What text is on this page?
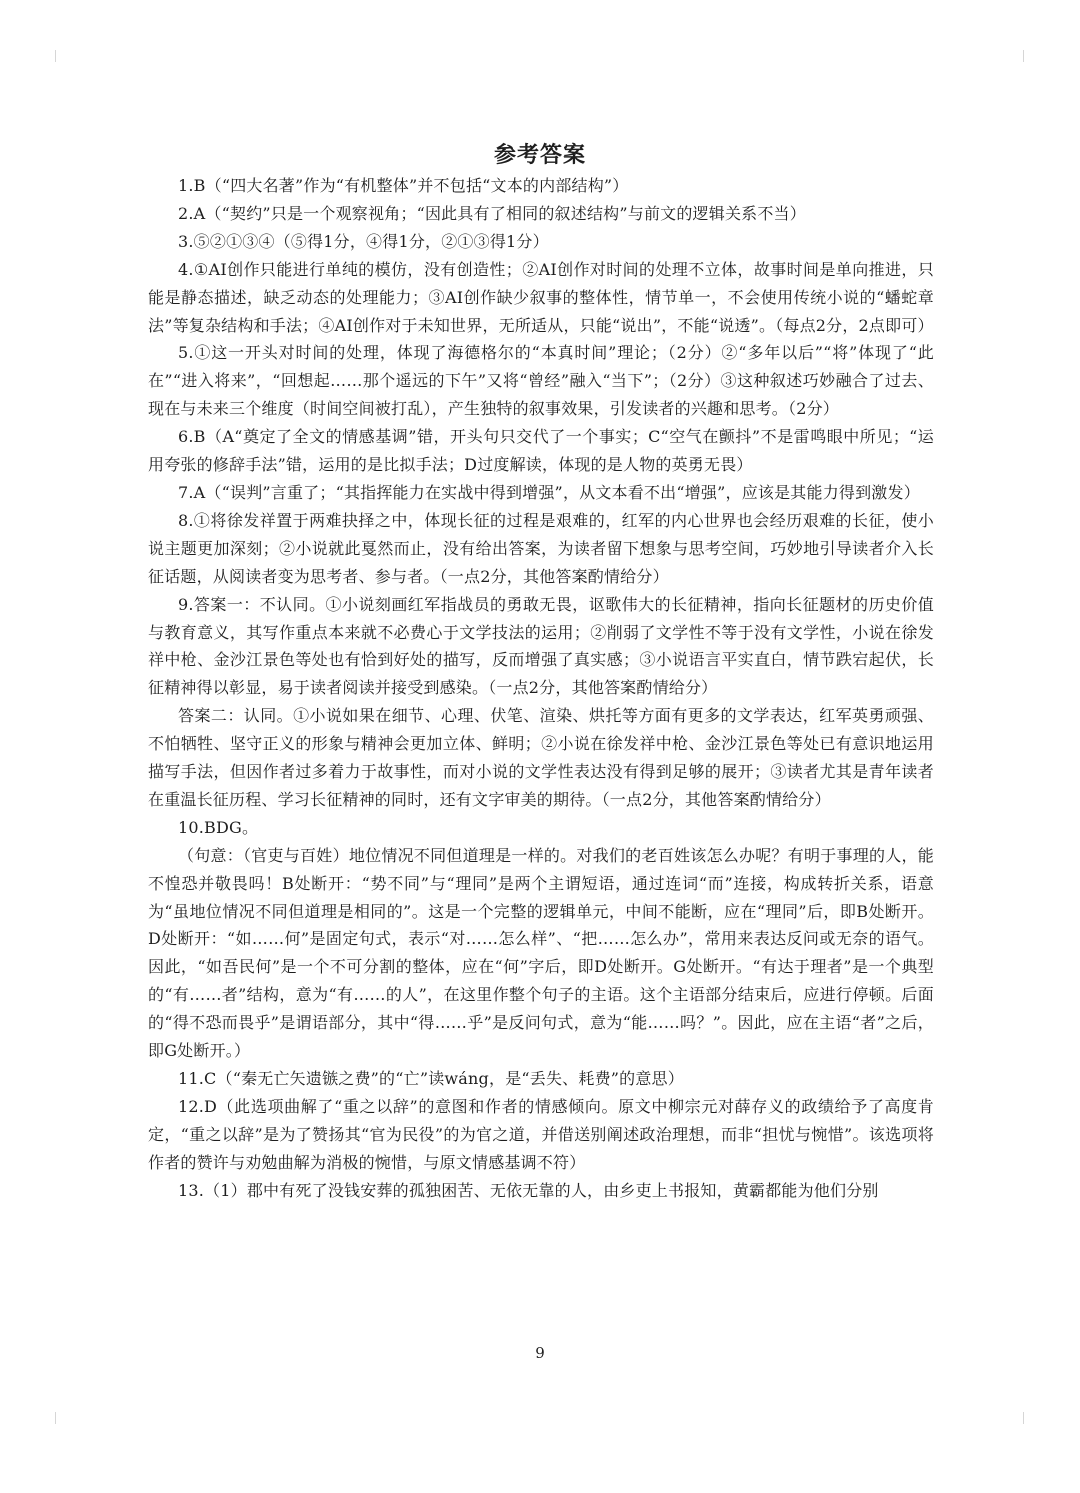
参考答案

1.B（“四大名著”作为“有机整体”并不包括“文本的内部结构”）

2.A（“契约”只是一个观察视角；“因此具有了相同的叙述结构”与前文的逻辑关系不当）

3.⑤②①③④（⑤得1分，④得1分，②①③得1分）

4.①AI创作只能进行单纯的模仿，没有创造性；②AI创作对时间的处理不立体，故事时间是单向推进，只能是静态描述，缺乏动态的处理能力；③AI创作缺少叙事的整体性，情节单一，不会使用传统小说的“蟠蛇章法”等复杂结构和手法；④AI创作对于未知世界，无所适从，只能“说出”，不能“说透”。（每点2分，2点即可）

5.①这一开头对时间的处理，体现了海德格尔的“本真时间”理论；（2分）②“多年以后”“将”体现了“此在”“进入将来”，“回想起……那个遥远的下午”又将“曾经”融入“当下”；（2分）③这种叙述巧妙融合了过去、现在与未来三个维度（时间空间被打乱），产生独特的叙事效果，引发读者的兴趣和思考。（2分）

6.B（A“奠定了全文的情感基调”错，开头句只交代了一个事实；C“空气在颤抖”不是雷鸣眼中所见；“运用夸张的修辞手法”错，运用的是比拟手法；D过度解读，体现的是人物的英勇无畏）

7.A（“误判”言重了；“其指挥能力在实战中得到增强”，从文本看不出“增强”，应该是其能力得到激发）

8.①将徐发祥置于两难抉择之中，体现长征的过程是艰难的，红军的内心世界也会经历艰难的长征，使小说主题更加深刻；②小说就此戛然而止，没有给出答案，为读者留下想象与思考空间，巧妙地引导读者介入长征话题，从阅读者变为思考者、参与者。（一点2分，其他答案酌情给分）

9.答案一：不认同。①小说刻画红军指战员的勇敢无畏，讴歌伟大的长征精神，指向长征题材的历史价值与教育意义，其写作重点本来就不必费心于文学技法的运用；②削弱了文学性不等于没有文学性，小说在徐发祥中枪、金沙江景色等处也有恰到好处的描写，反而增强了真实感；③小说语言平实直白，情节跌宕起伏，长征精神得以彰显，易于读者阅读并接受到感染。（一点2分，其他答案酌情给分）

答案二：认同。①小说如果在细节、心理、伏笔、渲染、烘托等方面有更多的文学表达，红军英勇顽强、不怕牺牲、坚守正义的形象与精神会更加立体、鲜明；②小说在徐发祥中枪、金沙江景色等处已有意识地运用描写手法，但因作者过多着力于故事性，而对小说的文学性表达没有得到足够的展开；③读者尤其是青年读者在重温长征历程、学习长征精神的同时，还有文字审美的期待。（一点2分，其他答案酌情给分）

10.BDG。

（句意：（官吏与百姓）地位情况不同但道理是一样的。对我们的老百姓该怎么办呢？有明于事理的人，能不惶恐并敬畏吗！B处断开：“势不同”与“理同”是两个主谓短语，通过连词“而”连接，构成转折关系，语意为“虽地位情况不同但道理是相同的”。这是一个完整的逻辑单元，中间不能断，应在“理同”后，即B处断开。D处断开：“如……何”是固定句式，表示“对……怎么样”、“把……怎么办”，常用来表达反问或无奈的语气。因此，“如吾民何”是一个不可分割的整体，应在“何”字后，即D处断开。G处断开。“有达于理者”是一个典型的“有……者”结构，意为“有……的人”，在这里作整个句子的主语。这个主语部分结束后，应进行停顿。后面的“得不恐而畏乎”是谓语部分，其中“得……乎”是反问句式，意为“能……吗？”。因此，应在主语“者”之后，即G处断开。）

11.C（“秦无亡矢遗镞之费”的“亡”读wáng，是“丢失、耗费”的意思）

12.D（此选项曲解了“重之以辞”的意图和作者的情感倾向。原文中柳宗元对薛存义的政绩给予了高度肯定，“重之以辞”是为了赞扬其“官为民役”的为官之道，并借送别阐述政治理想，而非“担忧与惋惜”。该选项将作者的赞许与劝勉曲解为消极的惋惜，与原文情感基调不符）

13.（1）郡中有死了没钱安葬的孤独困苦、无依无靠的人，由乡吏上书报知，黄霸都能为他们分别

9
